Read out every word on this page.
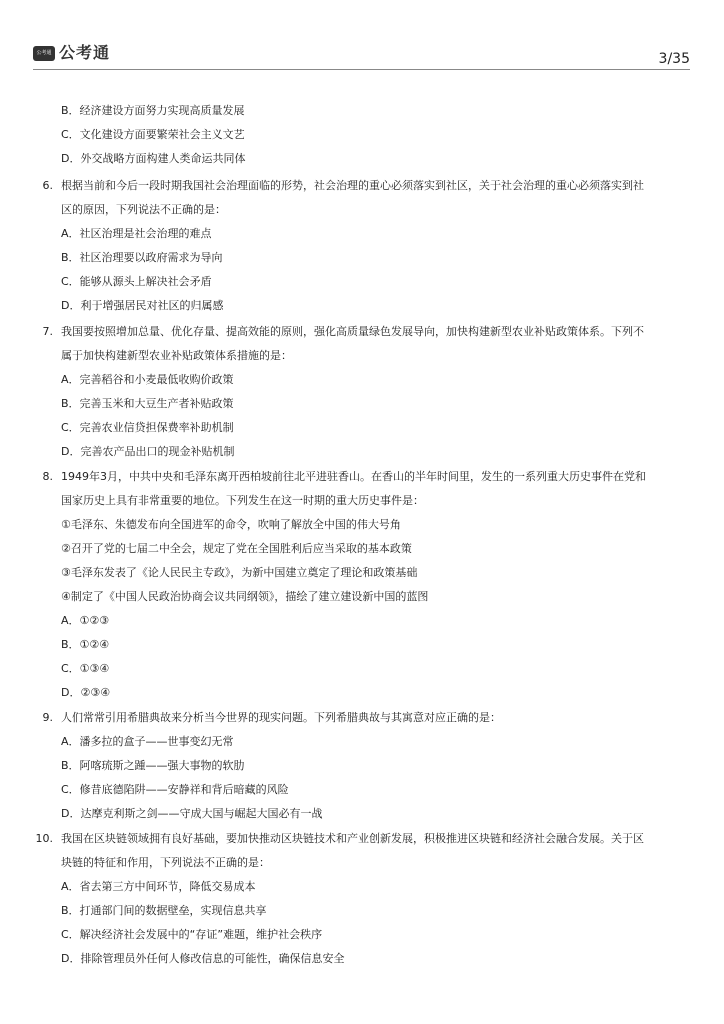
公考通 公考通	3/35
B．经济建设方面努力实现高质量发展
C．文化建设方面要繁荣社会主义文艺
D．外交战略方面构建人类命运共同体
6. 根据当前和今后一段时期我国社会治理面临的形势，社会治理的重心必须落实到社区，关于社会治理的重心必须落实到社
区的原因，下列说法不正确的是：
A．社区治理是社会治理的难点
B．社区治理要以政府需求为导向
C．能够从源头上解决社会矛盾
D．利于增强居民对社区的归属感
7. 我国要按照增加总量、优化存量、提高效能的原则，强化高质量绿色发展导向，加快构建新型农业补贴政策体系。下列不
属于加快构建新型农业补贴政策体系措施的是：
A．完善稻谷和小麦最低收购价政策
B．完善玉米和大豆生产者补贴政策
C．完善农业信贷担保费率补助机制
D．完善农产品出口的现金补贴机制
8. 1949年3月，中共中央和毛泽东离开西柏坡前往北平进驻香山。在香山的半年时间里，发生的一系列重大历史事件在党和
国家历史上具有非常重要的地位。下列发生在这一时期的重大历史事件是：
①毛泽东、朱德发布向全国进军的命令，吹响了解放全中国的伟大号角
②召开了党的七届二中全会，规定了党在全国胜利后应当采取的基本政策
③毛泽东发表了《论人民民主专政》，为新中国建立奠定了理论和政策基础
④制定了《中国人民政治协商会议共同纲领》，描绘了建立建设新中国的蓝图
A．①②③
B．①②④
C．①③④
D．②③④
9. 人们常常引用希腊典故来分析当今世界的现实问题。下列希腊典故与其寓意对应正确的是：
A．潘多拉的盒子——世事变幻无常
B．阿喀琉斯之踵——强大事物的软肋
C．修昔底德陷阱——安静祥和背后暗藏的风险
D．达摩克利斯之剑——守成大国与崛起大国必有一战
10. 我国在区块链领域拥有良好基础，要加快推动区块链技术和产业创新发展，积极推进区块链和经济社会融合发展。关于区
块链的特征和作用，下列说法不正确的是：
A．省去第三方中间环节，降低交易成本
B．打通部门间的数据壁垒，实现信息共享
C．解决经济社会发展中的“存证”难题，维护社会秩序
D．排除管理员外任何人修改信息的可能性，确保信息安全
